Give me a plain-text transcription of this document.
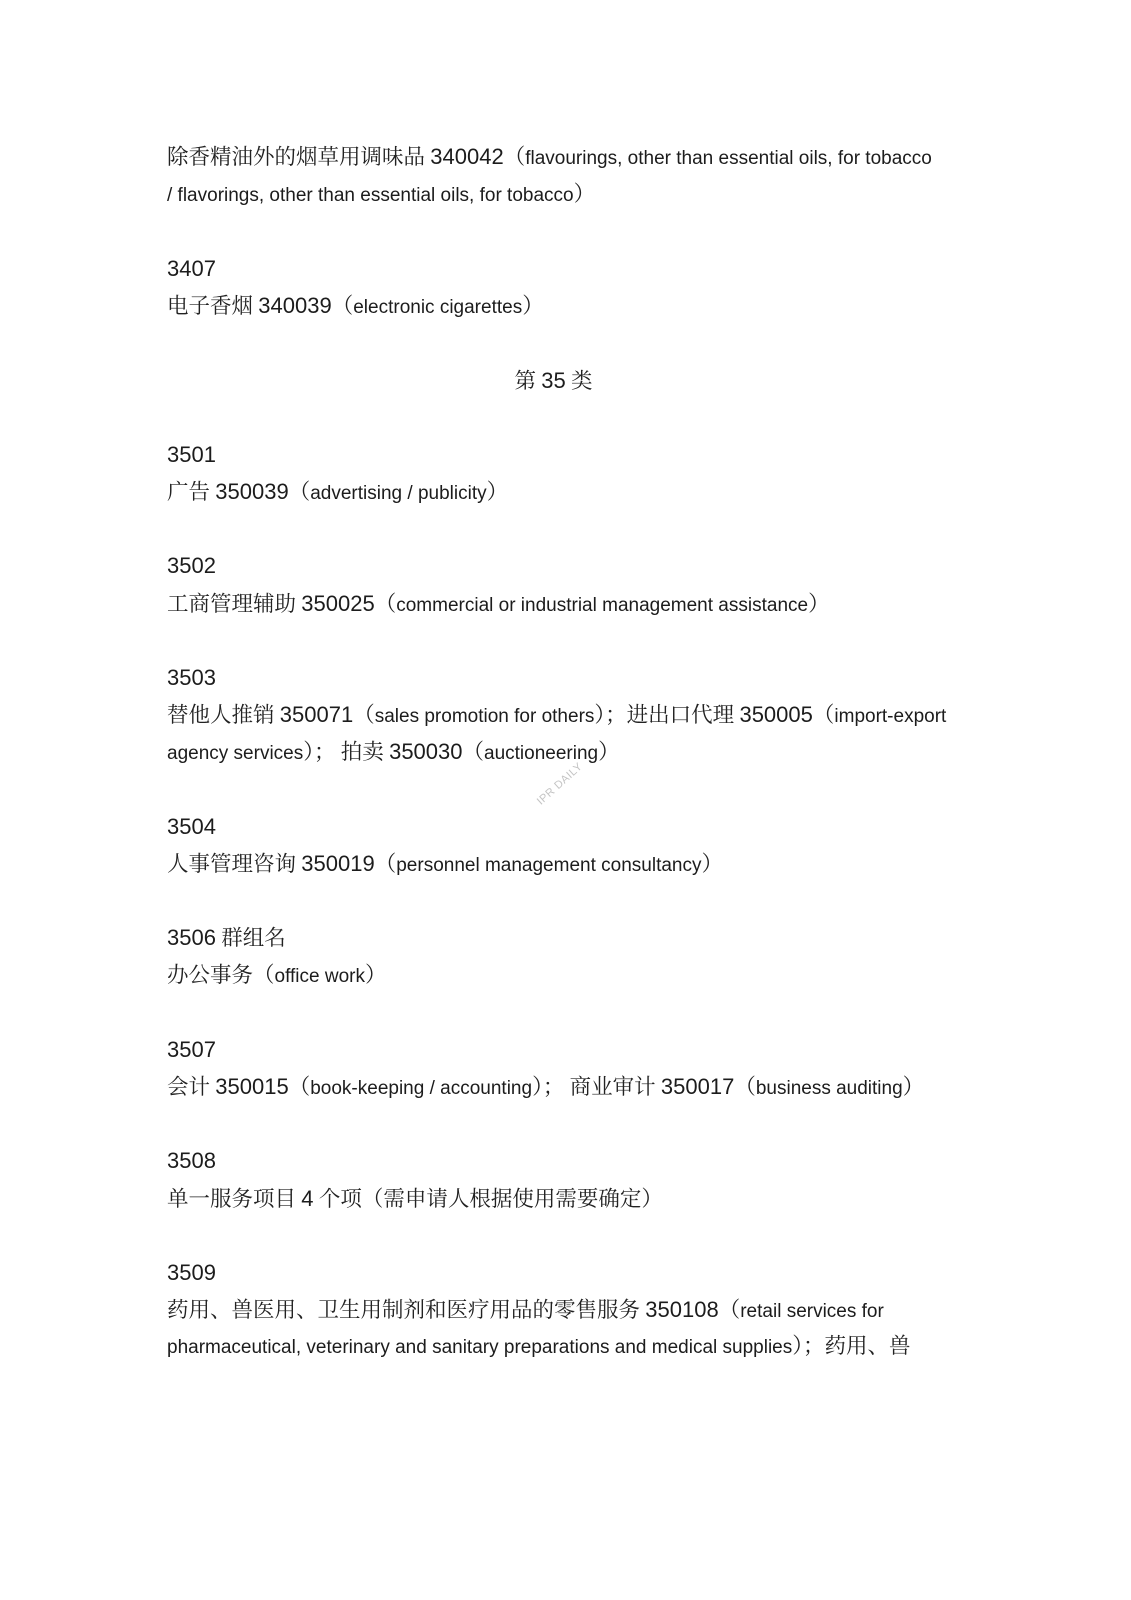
除香精油外的烟草用调味品 340042（flavourings, other than essential oils, for tobacco
/ flavorings, other than essential oils, for tobacco）
3407
电子香烟 340039（electronic cigarettes）
第 35 类
3501
广告 350039（advertising / publicity）
3502
工商管理辅助 350025（commercial or industrial management assistance）
3503
替他人推销 350071（sales promotion for others）；进出口代理 350005（import-export
agency services）； 拍卖 350030（auctioneering）
3504
人事管理咨询 350019（personnel management consultancy）
3506 群组名
办公事务（office work）
3507
会计 350015（book-keeping / accounting）； 商业审计 350017（business auditing）
3508
单一服务项目 4 个项（需申请人根据使用需要确定）
3509
药用、兽医用、卫生用制剂和医疗用品的零售服务 350108（retail services for
pharmaceutical, veterinary and sanitary preparations and medical supplies）；药用、兽
IPR DAILY
